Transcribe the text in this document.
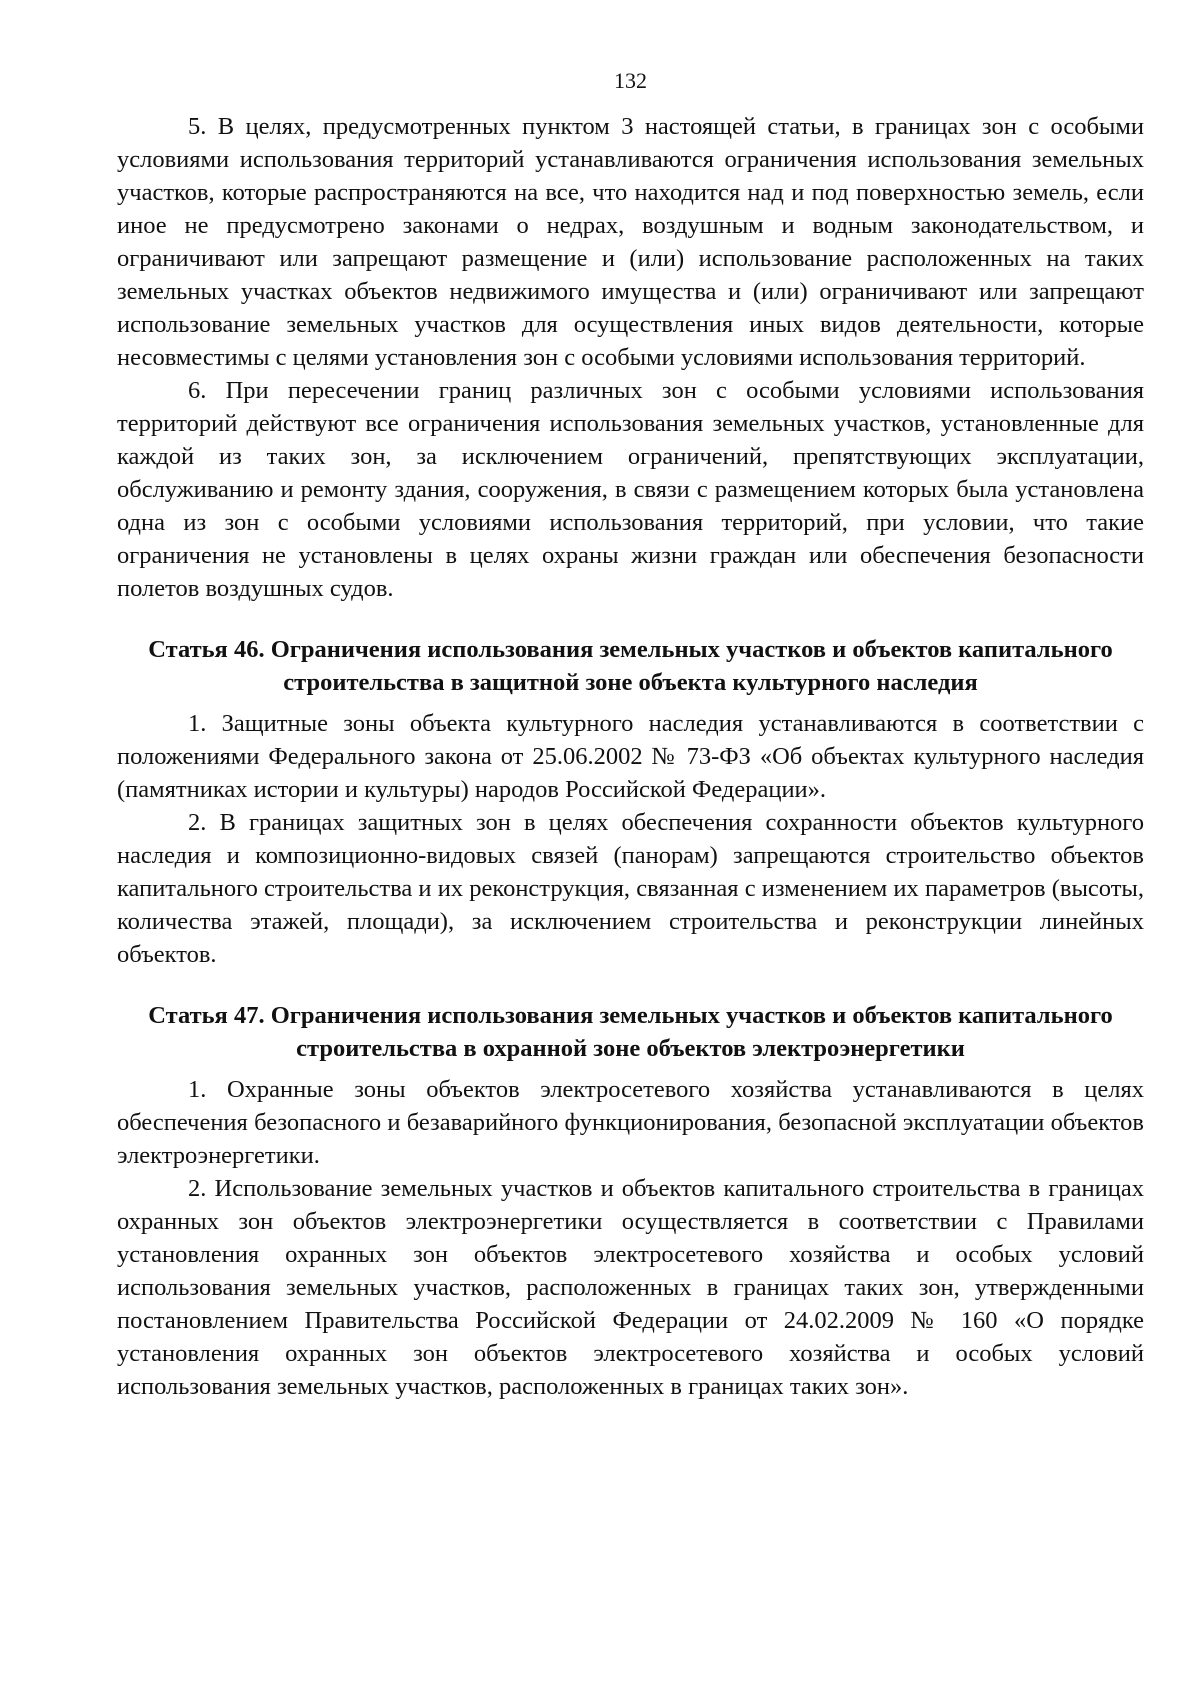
132

5. В целях, предусмотренных пунктом 3 настоящей статьи, в границах зон с особыми условиями использования территорий устанавливаются ограничения использования земельных участков, которые распространяются на все, что находится над и под поверхностью земель, если иное не предусмотрено законами о недрах, воздушным и водным законодательством, и ограничивают или запрещают размещение и (или) использование расположенных на таких земельных участках объектов недвижимого имущества и (или) ограничивают или запрещают использование земельных участков для осуществления иных видов деятельности, которые несовместимы с целями установления зон с особыми условиями использования территорий.

6. При пересечении границ различных зон с особыми условиями использования территорий действуют все ограничения использования земельных участков, установленные для каждой из таких зон, за исключением ограничений, препятствующих эксплуатации, обслуживанию и ремонту здания, сооружения, в связи с размещением которых была установлена одна из зон с особыми условиями использования территорий, при условии, что такие ограничения не установлены в целях охраны жизни граждан или обеспечения безопасности полетов воздушных судов.

Статья 46. Ограничения использования земельных участков и объектов капитального строительства в защитной зоне объекта культурного наследия

1. Защитные зоны объекта культурного наследия устанавливаются в соответствии с положениями Федерального закона от 25.06.2002 № 73-ФЗ «Об объектах культурного наследия (памятниках истории и культуры) народов Российской Федерации».

2. В границах защитных зон в целях обеспечения сохранности объектов культурного наследия и композиционно-видовых связей (панорам) запрещаются строительство объектов капитального строительства и их реконструкция, связанная с изменением их параметров (высоты, количества этажей, площади), за исключением строительства и реконструкции линейных объектов.

Статья 47. Ограничения использования земельных участков и объектов капитального строительства в охранной зоне объектов электроэнергетики

1. Охранные зоны объектов электросетевого хозяйства устанавливаются в целях обеспечения безопасного и безаварийного функционирования, безопасной эксплуатации объектов электроэнергетики.

2. Использование земельных участков и объектов капитального строительства в границах охранных зон объектов электроэнергетики осуществляется в соответствии с Правилами установления охранных зон объектов электросетевого хозяйства и особых условий использования земельных участков, расположенных в границах таких зон, утвержденными постановлением Правительства Российской Федерации от 24.02.2009 № 160 «О порядке установления охранных зон объектов электросетевого хозяйства и особых условий использования земельных участков, расположенных в границах таких зон».
